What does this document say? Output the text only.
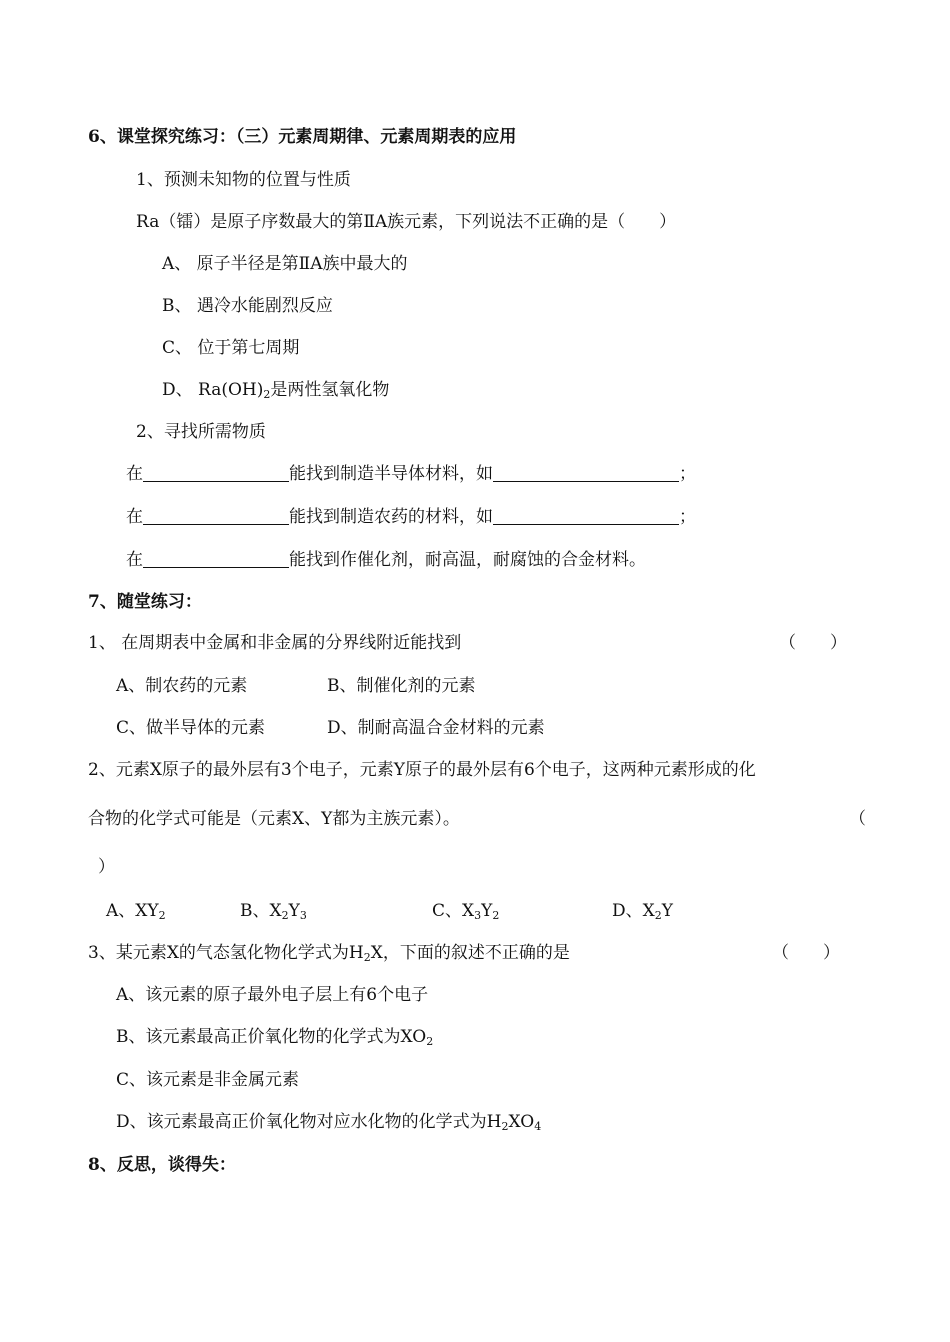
6、课堂探究练习：（三）元素周期律、元素周期表的应用
1、预测未知物的位置与性质
Ra（镭）是原子序数最大的第ⅡA族元素，下列说法不正确的是（　　）
A、 原子半径是第ⅡA族中最大的
B、 遇冷水能剧烈反应
C、 位于第七周期
D、 $Ra(OH)_2$是两性氢氧化物
2、寻找所需物质
在	能找到制造半导体材料，如	；
在	能找到制造农药的材料，如	；
在	能找到作催化剂，耐高温，耐腐蚀的合金材料。
7、随堂练习：
1、 在周期表中金属和非金属的分界线附近能找到	（　　）
A、制农药的元素	B、制催化剂的元素
C、做半导体的元素	D、制耐高温合金材料的元素
2、元素X原子的最外层有3个电子，元素Y原子的最外层有6个电子，这两种元素形成的化
合物的化学式可能是（元素X、Y都为主族元素）。	（
）
A、$XY_2$	B、$X_2Y_3$	C、$X_3Y_2$	D、$X_2Y$
3、某元素X的气态氢化物化学式为$H_2X$，下面的叙述不正确的是	（　　）
A、该元素的原子最外电子层上有6个电子
B、该元素最高正价氧化物的化学式为$XO_2$
C、该元素是非金属元素
D、该元素最高正价氧化物对应水化物的化学式为$H_2XO_4$
8、反思，谈得失：
